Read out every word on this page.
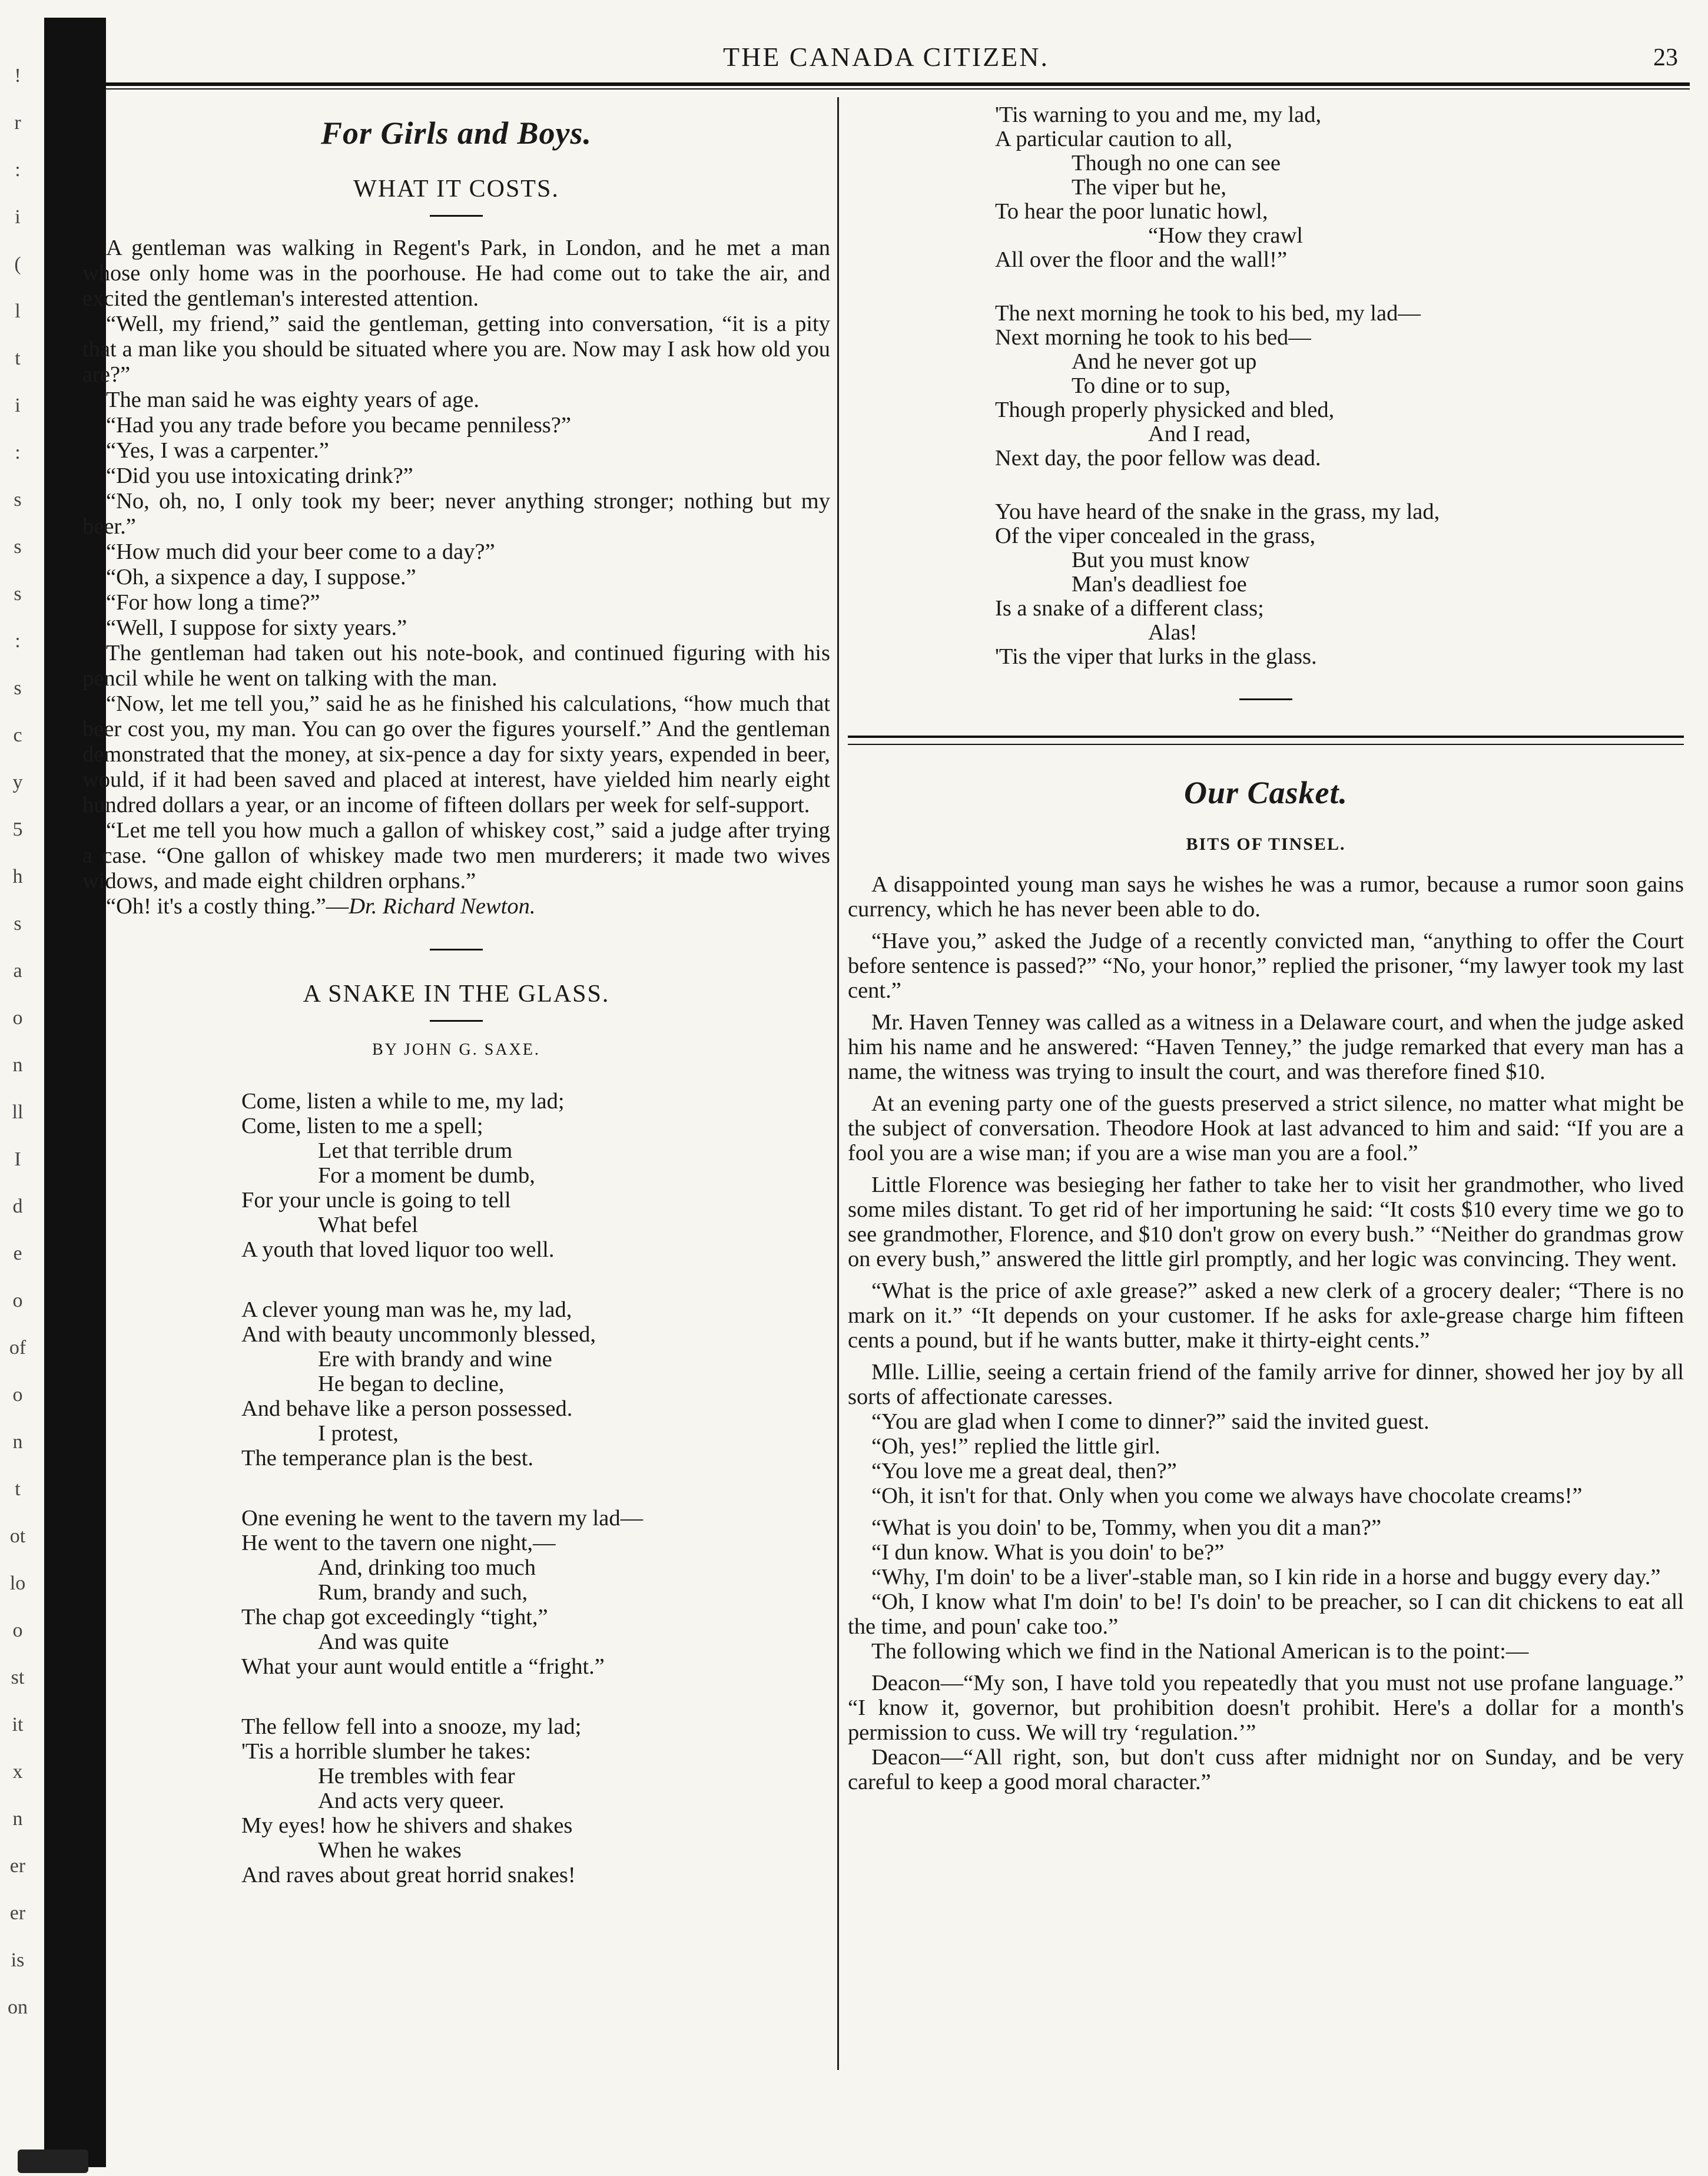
!
r
:
i
(
l
t
i
:
s
s
s
:
s
c
y
5
h
s
a
o
n
ll
I
d
e
o
of
o
n
t
ot
lo
o
st
it
x
n
er
er
is
on
THE CANADA CITIZEN.	23
For Girls and Boys.
WHAT IT COSTS.

A gentleman was walking in Regent's Park, in London, and he met a man whose only home was in the poorhouse. He had come out to take the air, and excited the gentleman's interested attention.

“Well, my friend,” said the gentleman, getting into conversation, “it is a pity that a man like you should be situated where you are. Now may I ask how old you are?”

The man said he was eighty years of age.

“Had you any trade before you became penniless?”

“Yes, I was a carpenter.”

“Did you use intoxicating drink?”

“No, oh, no, I only took my beer; never anything stronger; nothing but my beer.”

“How much did your beer come to a day?”

“Oh, a sixpence a day, I suppose.”

“For how long a time?”

“Well, I suppose for sixty years.”

The gentleman had taken out his note-book, and continued figuring with his pencil while he went on talking with the man.

“Now, let me tell you,” said he as he finished his calculations, “how much that beer cost you, my man. You can go over the figures yourself.” And the gentleman demonstrated that the money, at six-pence a day for sixty years, expended in beer, would, if it had been saved and placed at interest, have yielded him nearly eight hundred dollars a year, or an income of fifteen dollars per week for self-support.

“Let me tell you how much a gallon of whiskey cost,” said a judge after trying a case. “One gallon of whiskey made two men murderers; it made two wives widows, and made eight children orphans.”

“Oh! it's a costly thing.”—Dr. Richard Newton.

A SNAKE IN THE GLASS.
BY JOHN G. SAXE.
Come, listen a while to me, my lad;
Come, listen to me a spell;
Let that terrible drum
For a moment be dumb,
For your uncle is going to tell
What befel
A youth that loved liquor too well.
A clever young man was he, my lad,
And with beauty uncommonly blessed,
Ere with brandy and wine
He began to decline,
And behave like a person possessed.
I protest,
The temperance plan is the best.
One evening he went to the tavern my lad—
He went to the tavern one night,—
And, drinking too much
Rum, brandy and such,
The chap got exceedingly “tight,”
And was quite
What your aunt would entitle a “fright.”
The fellow fell into a snooze, my lad;
'Tis a horrible slumber he takes:
He trembles with fear
And acts very queer.
My eyes! how he shivers and shakes
When he wakes
And raves about great horrid snakes!
'Tis warning to you and me, my lad,
A particular caution to all,
Though no one can see
The viper but he,
To hear the poor lunatic howl,
“How they crawl
All over the floor and the wall!”
The next morning he took to his bed, my lad—
Next morning he took to his bed—
And he never got up
To dine or to sup,
Though properly physicked and bled,
And I read,
Next day, the poor fellow was dead.
You have heard of the snake in the grass, my lad,
Of the viper concealed in the grass,
But you must know
Man's deadliest foe
Is a snake of a different class;
Alas!
'Tis the viper that lurks in the glass.
Our Casket.
BITS OF TINSEL.

A disappointed young man says he wishes he was a rumor, because a rumor soon gains currency, which he has never been able to do.

“Have you,” asked the Judge of a recently convicted man, “anything to offer the Court before sentence is passed?” “No, your honor,” replied the prisoner, “my lawyer took my last cent.”

Mr. Haven Tenney was called as a witness in a Delaware court, and when the judge asked him his name and he answered: “Haven Tenney,” the judge remarked that every man has a name, the witness was trying to insult the court, and was therefore fined $10.

At an evening party one of the guests preserved a strict silence, no matter what might be the subject of conversation. Theodore Hook at last advanced to him and said: “If you are a fool you are a wise man; if you are a wise man you are a fool.”

Little Florence was besieging her father to take her to visit her grandmother, who lived some miles distant. To get rid of her importuning he said: “It costs $10 every time we go to see grandmother, Florence, and $10 don't grow on every bush.” “Neither do grandmas grow on every bush,” answered the little girl promptly, and her logic was convincing. They went.

“What is the price of axle grease?” asked a new clerk of a grocery dealer; “There is no mark on it.” “It depends on your customer. If he asks for axle-grease charge him fifteen cents a pound, but if he wants butter, make it thirty-eight cents.”

Mlle. Lillie, seeing a certain friend of the family arrive for dinner, showed her joy by all sorts of affectionate caresses.

“You are glad when I come to dinner?” said the invited guest.

“Oh, yes!” replied the little girl.

“You love me a great deal, then?”

“Oh, it isn't for that. Only when you come we always have chocolate creams!”

“What is you doin' to be, Tommy, when you dit a man?”

“I dun know. What is you doin' to be?”

“Why, I'm doin' to be a liver'-stable man, so I kin ride in a horse and buggy every day.”

“Oh, I know what I'm doin' to be! I's doin' to be preacher, so I can dit chickens to eat all the time, and poun' cake too.”

The following which we find in the National American is to the point:—

Deacon—“My son, I have told you repeatedly that you must not use profane language.” “I know it, governor, but prohibition doesn't prohibit. Here's a dollar for a month's permission to cuss. We will try ‘regulation.’”

Deacon—“All right, son, but don't cuss after midnight nor on Sunday, and be very careful to keep a good moral character.”
